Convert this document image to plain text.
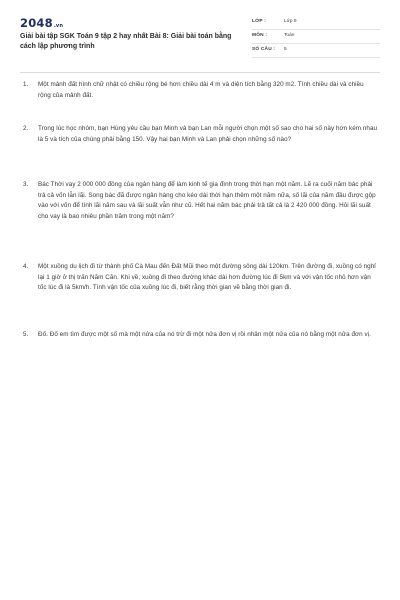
2048.vn
Giải bài tập SGK Toán 9 tập 2 hay nhất Bài 8: Giải bài toán bằng cách lập phương trình
LỚP :	Lớp 9
MÔN :	Toán
SỐ CÂU : 5
1. Một mảnh đất hình chữ nhật có chiều rộng bé hơn chiều dài 4 m và diện tích bằng 320 m2. Tính chiều dài và chiều rộng của mảnh đất.
2. Trong lúc học nhóm, bạn Hùng yêu cầu bạn Minh và bạn Lan mỗi người chọn một số sao cho hai số này hơn kém nhau là 5 và tích của chúng phải bằng 150. Vậy hai bạn Minh và Lan phải chọn những số nào?
3. Bác Thời vay 2 000 000 đồng của ngân hàng để làm kinh tế gia đình trong thời hạn một năm. Lẽ ra cuối năm bác phải trả cả vốn lẫn lãi. Song bác đã được ngân hàng cho kéo dài thời hạn thêm một năm nữa, số lãi của năm đầu được gộp vào với vốn để tính lãi năm sau và lãi suất vẫn như cũ. Hết hai năm bác phải trả tất cả là 2 420 000 đồng. Hỏi lãi suất cho vay là bao nhiêu phần trăm trong một năm?
4. Một xuồng du lịch đi từ thành phố Cà Mau đến Đất Mũi theo một đường sông dài 120km. Trên đường đi, xuồng có nghỉ lại 1 giờ ở thị trấn Năm Căn. Khi về, xuồng đi theo đường khác dài hơn đường lúc đi 5km và với vận tốc nhỏ hơn vận tốc lúc đi là 5km/h. Tính vận tốc của xuồng lúc đi, biết rằng thời gian về bằng thời gian đi.
5. Đố. Đố em tìm được một số mà một nửa của nó trừ đi một nửa đơn vị rồi nhân một nửa của nó bằng một nửa đơn vị.
